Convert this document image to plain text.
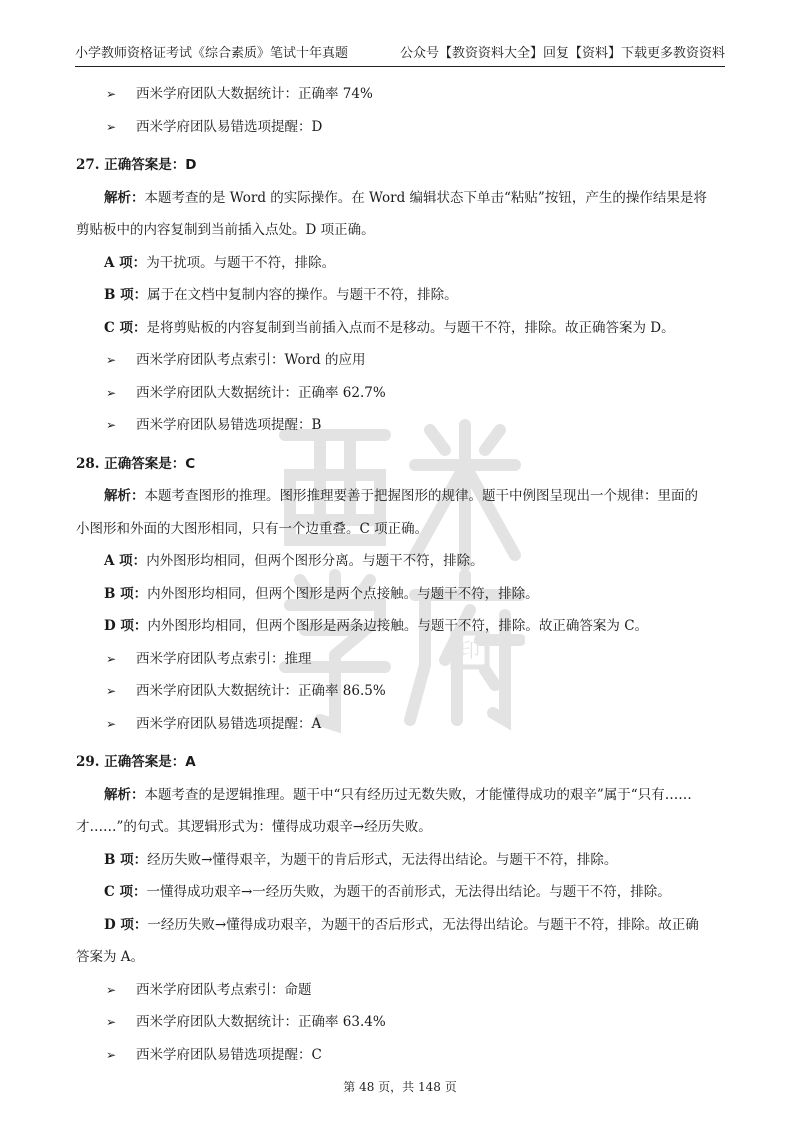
小学教师资格证考试《综合素质》笔试十年真题	公众号【教资资料大全】回复【资料】下载更多教资资料
印
➢ 西米学府团队大数据统计：正确率 74%
➢ 西米学府团队易错选项提醒：D
27. 正确答案是：D
解析：本题考查的是 Word 的实际操作。在 Word 编辑状态下单击“粘贴”按钮，产生的操作结果是将
剪贴板中的内容复制到当前插入点处。D 项正确。
A 项：为干扰项。与题干不符，排除。
B 项：属于在文档中复制内容的操作。与题干不符，排除。
C 项：是将剪贴板的内容复制到当前插入点而不是移动。与题干不符，排除。故正确答案为 D。
➢ 西米学府团队考点索引：Word 的应用
➢ 西米学府团队大数据统计：正确率 62.7%
➢ 西米学府团队易错选项提醒：B
28. 正确答案是：C
解析：本题考查图形的推理。图形推理要善于把握图形的规律。题干中例图呈现出一个规律：里面的
小图形和外面的大图形相同，只有一个边重叠。C 项正确。
A 项：内外图形均相同，但两个图形分离。与题干不符，排除。
B 项：内外图形均相同，但两个图形是两个点接触。与题干不符，排除。
D 项：内外图形均相同，但两个图形是两条边接触。与题干不符，排除。故正确答案为 C。
➢ 西米学府团队考点索引：推理
➢ 西米学府团队大数据统计：正确率 86.5%
➢ 西米学府团队易错选项提醒：A
29. 正确答案是：A
解析：本题考查的是逻辑推理。题干中“只有经历过无数失败，才能懂得成功的艰辛”属于“只有……
才……”的句式。其逻辑形式为：懂得成功艰辛→经历失败。
B 项：经历失败→懂得艰辛，为题干的肯后形式，无法得出结论。与题干不符，排除。
C 项：一懂得成功艰辛→一经历失败，为题干的否前形式，无法得出结论。与题干不符，排除。
D 项：一经历失败→懂得成功艰辛，为题干的否后形式，无法得出结论。与题干不符，排除。故正确
答案为 A。
➢ 西米学府团队考点索引：命题
➢ 西米学府团队大数据统计：正确率 63.4%
➢ 西米学府团队易错选项提醒：C
第 48 页，共 148 页
